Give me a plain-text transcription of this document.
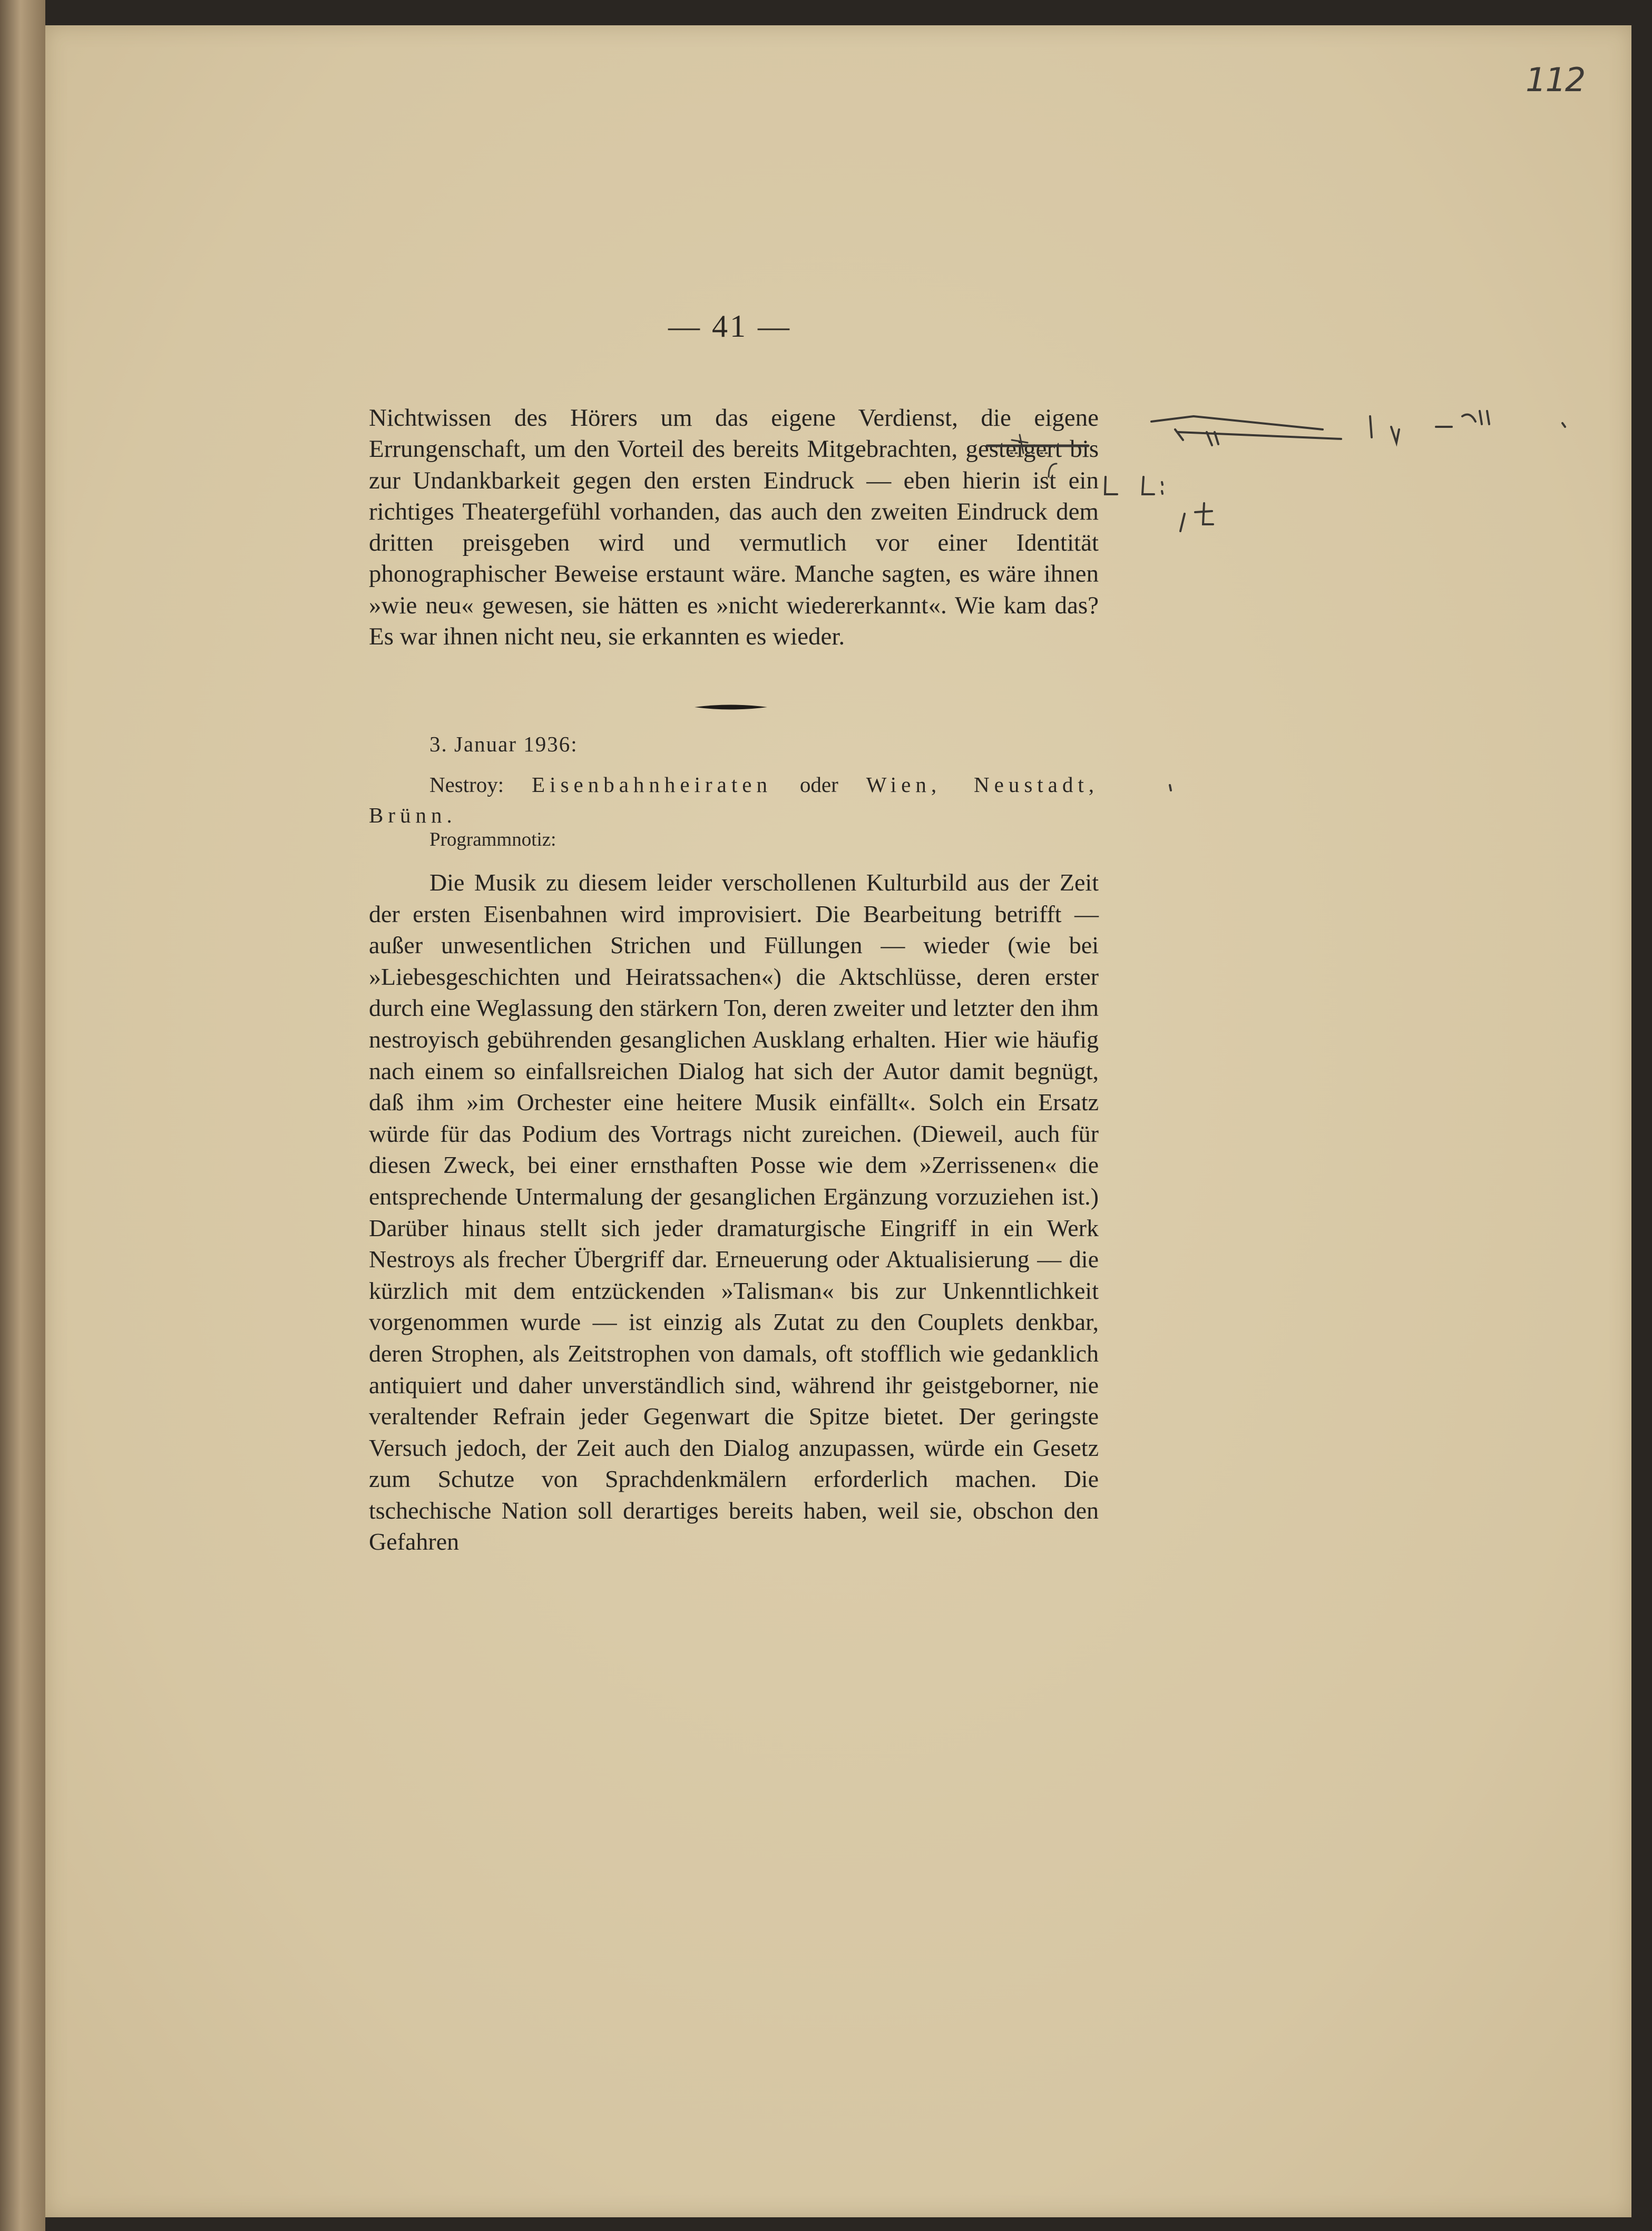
112
— 41 —
Nichtwissen des Hörers um das eigene Verdienst, die eigene Errungenschaft, um den Vorteil des bereits Mitgebrachten, gesteigert bis zur Undankbarkeit gegen den ersten Eindruck — eben hierin ist ein richtiges Theatergefühl vorhanden, das auch den zweiten Eindruck dem dritten preisgeben wird und vermutlich vor einer Identität phonographischer Beweise erstaunt wäre. Manche sagten, es wäre ihnen »wie neu« gewesen, sie hätten es »nicht wiedererkannt«. Wie kam das? Es war ihnen nicht neu, sie erkannten es wieder.
3. Januar 1936:
Nestroy: Eisenbahnheiraten oder Wien, Neustadt, Brünn.
Programmnotiz:
Die Musik zu diesem leider verschollenen Kulturbild aus der Zeit der ersten Eisenbahnen wird improvisiert. Die Bearbeitung betrifft — außer unwesentlichen Strichen und Füllungen — wieder (wie bei »Liebesgeschichten und Heiratssachen«) die Aktschlüsse, deren erster durch eine Weglassung den stärkern Ton, deren zweiter und letzter den ihm nestroyisch gebührenden gesanglichen Ausklang erhalten. Hier wie häufig nach einem so einfallsreichen Dialog hat sich der Autor damit begnügt, daß ihm »im Orchester eine heitere Musik einfällt«. Solch ein Ersatz würde für das Podium des Vortrags nicht zureichen. (Dieweil, auch für diesen Zweck, bei einer ernsthaften Posse wie dem »Zerrissenen« die entsprechende Untermalung der gesanglichen Ergänzung vorzuziehen ist.) Darüber hinaus stellt sich jeder dramaturgische Eingriff in ein Werk Nestroys als frecher Übergriff dar. Erneuerung oder Aktualisierung — die kürzlich mit dem entzückenden »Talisman« bis zur Unkenntlichkeit vorgenommen wurde — ist einzig als Zutat zu den Couplets denkbar, deren Strophen, als Zeitstrophen von damals, oft stofflich wie gedanklich antiquiert und daher unverständlich sind, während ihr geistgeborner, nie veraltender Refrain jeder Gegenwart die Spitze bietet. Der geringste Versuch jedoch, der Zeit auch den Dialog anzupassen, würde ein Gesetz zum Schutze von Sprachdenkmälern erforderlich machen. Die tschechische Nation soll derartiges bereits haben, weil sie, obschon den Gefahren
